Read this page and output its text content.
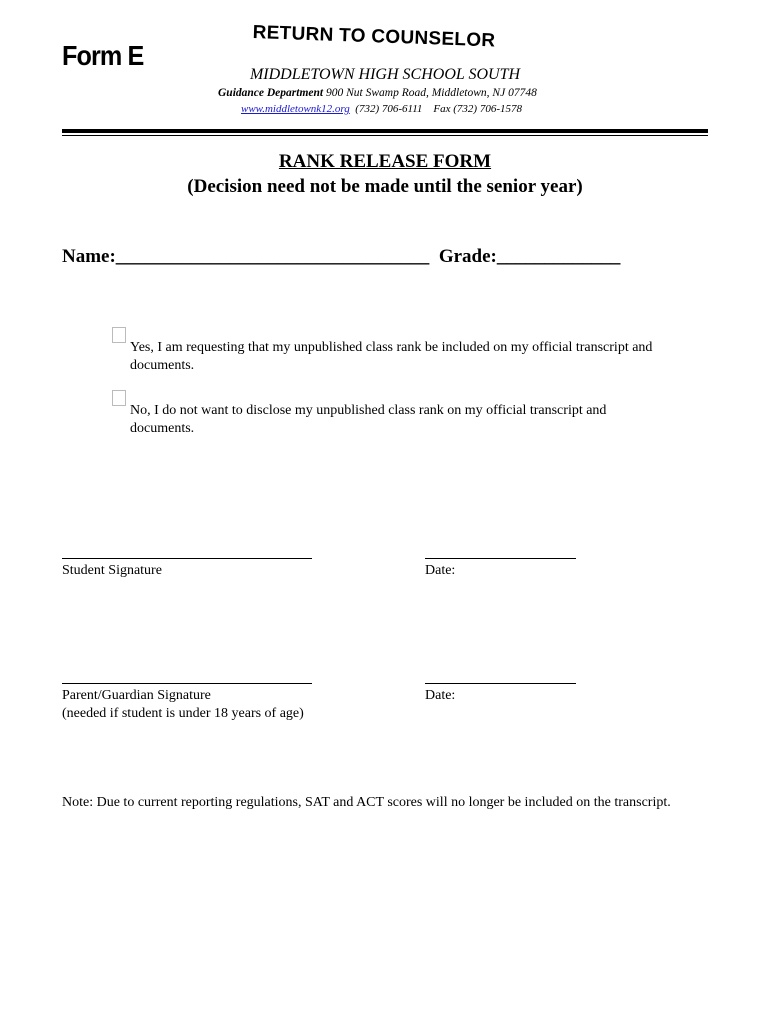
Form E
RETURN TO COUNSELOR
MIDDLETOWN HIGH SCHOOL SOUTH
Guidance Department 900 Nut Swamp Road, Middletown, NJ 07748
www.middletownk12.org (732) 706-6111 Fax (732) 706-1578
RANK RELEASE FORM
(Decision need not be made until the senior year)
Name:_________________________________ Grade:_____________
Yes, I am requesting that my unpublished class rank be included on my official transcript and
documents.
No, I do not want to disclose my unpublished class rank on my official transcript and
documents.
Student Signature	Date:
Parent/Guardian Signature
(needed if student is under 18 years of age)
Date:
Note: Due to current reporting regulations, SAT and ACT scores will no longer be included on the transcript.
